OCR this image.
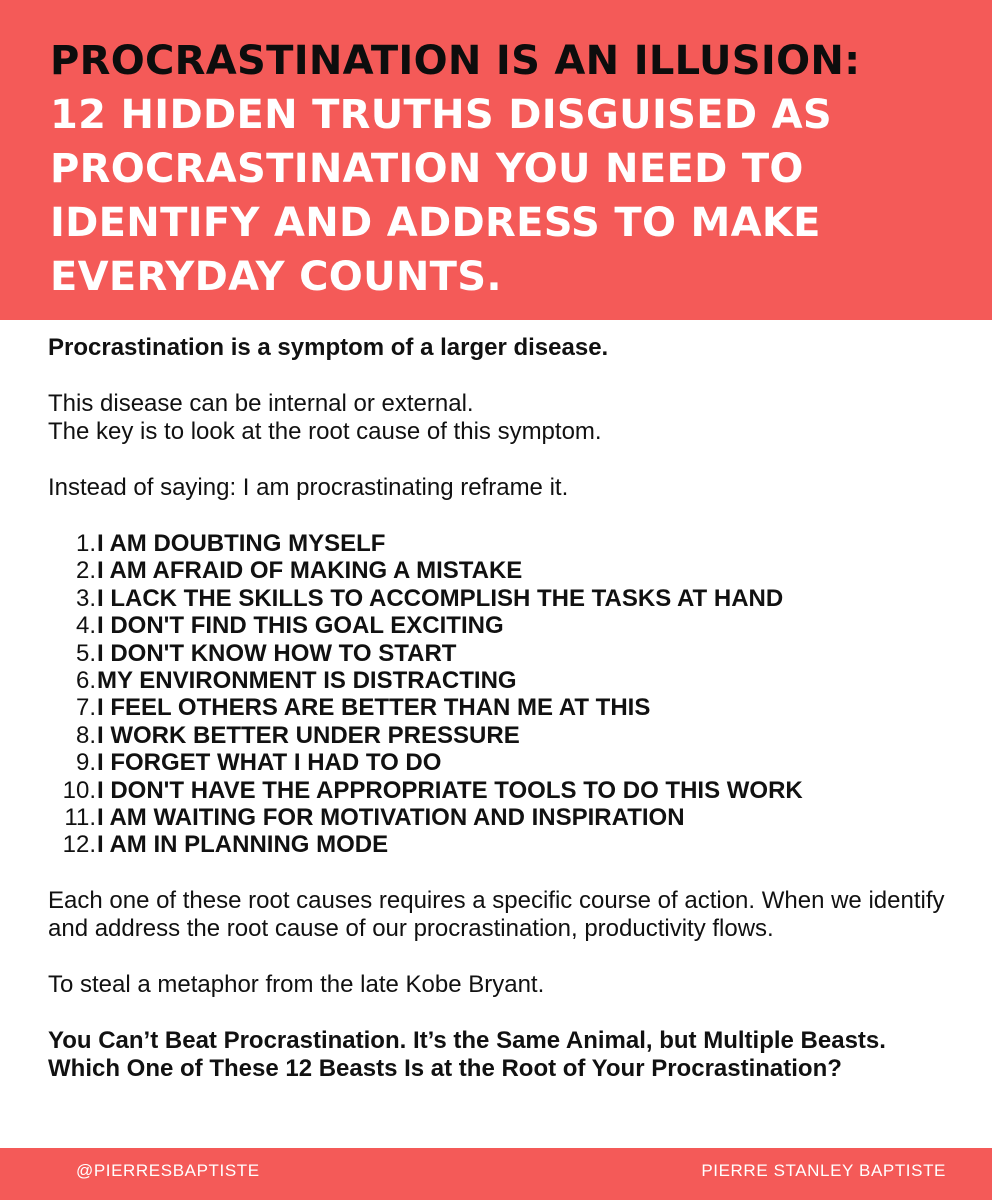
PROCRASTINATION IS AN ILLUSION:
12 HIDDEN TRUTHS DISGUISED AS PROCRASTINATION YOU NEED TO IDENTIFY AND ADDRESS TO MAKE EVERYDAY COUNTS.

Procrastination is a symptom of a larger disease.

This disease can be internal or external.
The key is to look at the root cause of this symptom.

Instead of saying: I am procrastinating reframe it.

1. I AM DOUBTING MYSELF
2. I AM AFRAID OF MAKING A MISTAKE
3. I LACK THE SKILLS TO ACCOMPLISH THE TASKS AT HAND
4. I DON'T FIND THIS GOAL EXCITING
5. I DON'T KNOW HOW TO START
6. MY ENVIRONMENT IS DISTRACTING
7. I FEEL OTHERS ARE BETTER THAN ME AT THIS
8. I WORK BETTER UNDER PRESSURE
9. I FORGET WHAT I HAD TO DO
10. I DON'T HAVE THE APPROPRIATE TOOLS TO DO THIS WORK
11. I AM WAITING FOR MOTIVATION AND INSPIRATION
12. I AM IN PLANNING MODE

Each one of these root causes requires a specific course of action. When we identify and address the root cause of our procrastination, productivity flows.

To steal a metaphor from the late Kobe Bryant.

You Can’t Beat Procrastination. It’s the Same Animal, but Multiple Beasts. Which One of These 12 Beasts Is at the Root of Your Procrastination?

@PIERRESBAPTISTE	PIERRE STANLEY BAPTISTE
